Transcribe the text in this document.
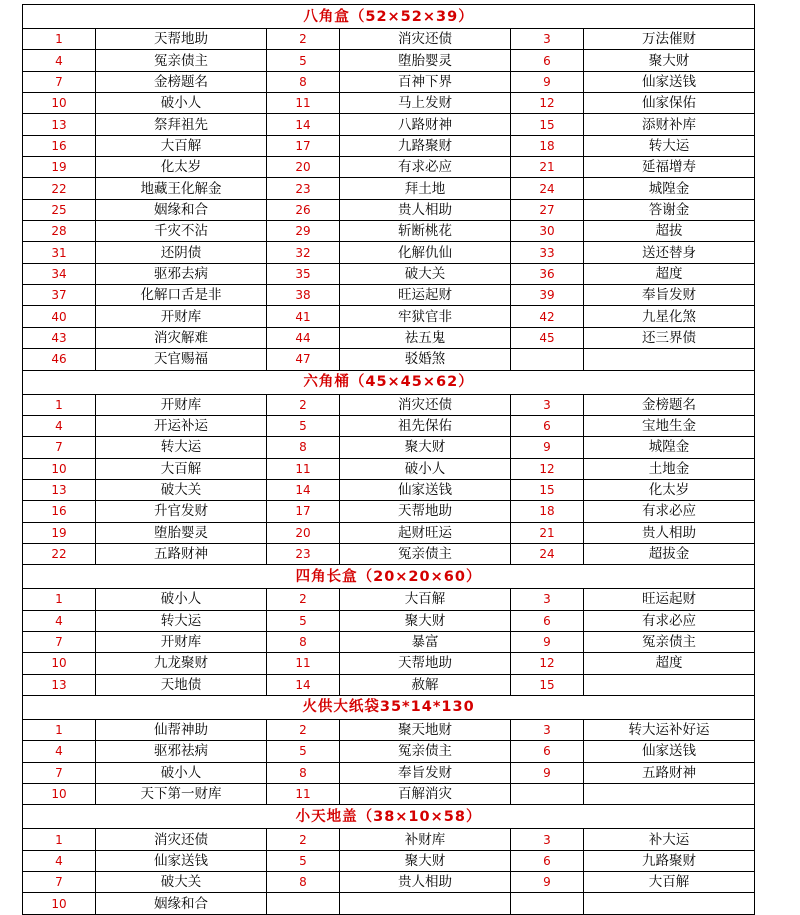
八角盒（52×52×39）					
1	天帮地助	2	消灾还债	3	万法催财
4	冤亲债主	5	堕胎婴灵	6	聚大财
7	金榜题名	8	百神下界	9	仙家送钱
10	破小人	11	马上发财	12	仙家保佑
13	祭拜祖先	14	八路财神	15	添财补库
16	大百解	17	九路聚财	18	转大运
19	化太岁	20	有求必应	21	延福增寿
22	地藏王化解金	23	拜土地	24	城隍金
25	姻缘和合	26	贵人相助	27	答谢金
28	千灾不沾	29	斩断桃花	30	超拔
31	还阴债	32	化解仇仙	33	送还替身
34	驱邪去病	35	破大关	36	超度
37	化解口舌是非	38	旺运起财	39	奉旨发财
40	开财库	41	牢狱官非	42	九星化煞
43	消灾解难	44	祛五鬼	45	还三界债
46	天官赐福	47	驳婚煞		
六角桶（45×45×62）					
1	开财库	2	消灾还债	3	金榜题名
4	开运补运	5	祖先保佑	6	宝地生金
7	转大运	8	聚大财	9	城隍金
10	大百解	11	破小人	12	土地金
13	破大关	14	仙家送钱	15	化太岁
16	升官发财	17	天帮地助	18	有求必应
19	堕胎婴灵	20	起财旺运	21	贵人相助
22	五路财神	23	冤亲债主	24	超拔金
四角长盒（20×20×60）					
1	破小人	2	大百解	3	旺运起财
4	转大运	5	聚大财	6	有求必应
7	开财库	8	暴富	9	冤亲债主
10	九龙聚财	11	天帮地助	12	超度
13	天地债	14	赦解	15	
火供大纸袋35*14*130					
1	仙帮神助	2	聚天地财	3	转大运补好运
4	驱邪祛病	5	冤亲债主	6	仙家送钱
7	破小人	8	奉旨发财	9	五路财神
10	天下第一财库	11	百解消灾		
小天地盖（38×10×58）					
1	消灾还债	2	补财库	3	补大运
4	仙家送钱	5	聚大财	6	九路聚财
7	破大关	8	贵人相助	9	大百解
10	姻缘和合				
